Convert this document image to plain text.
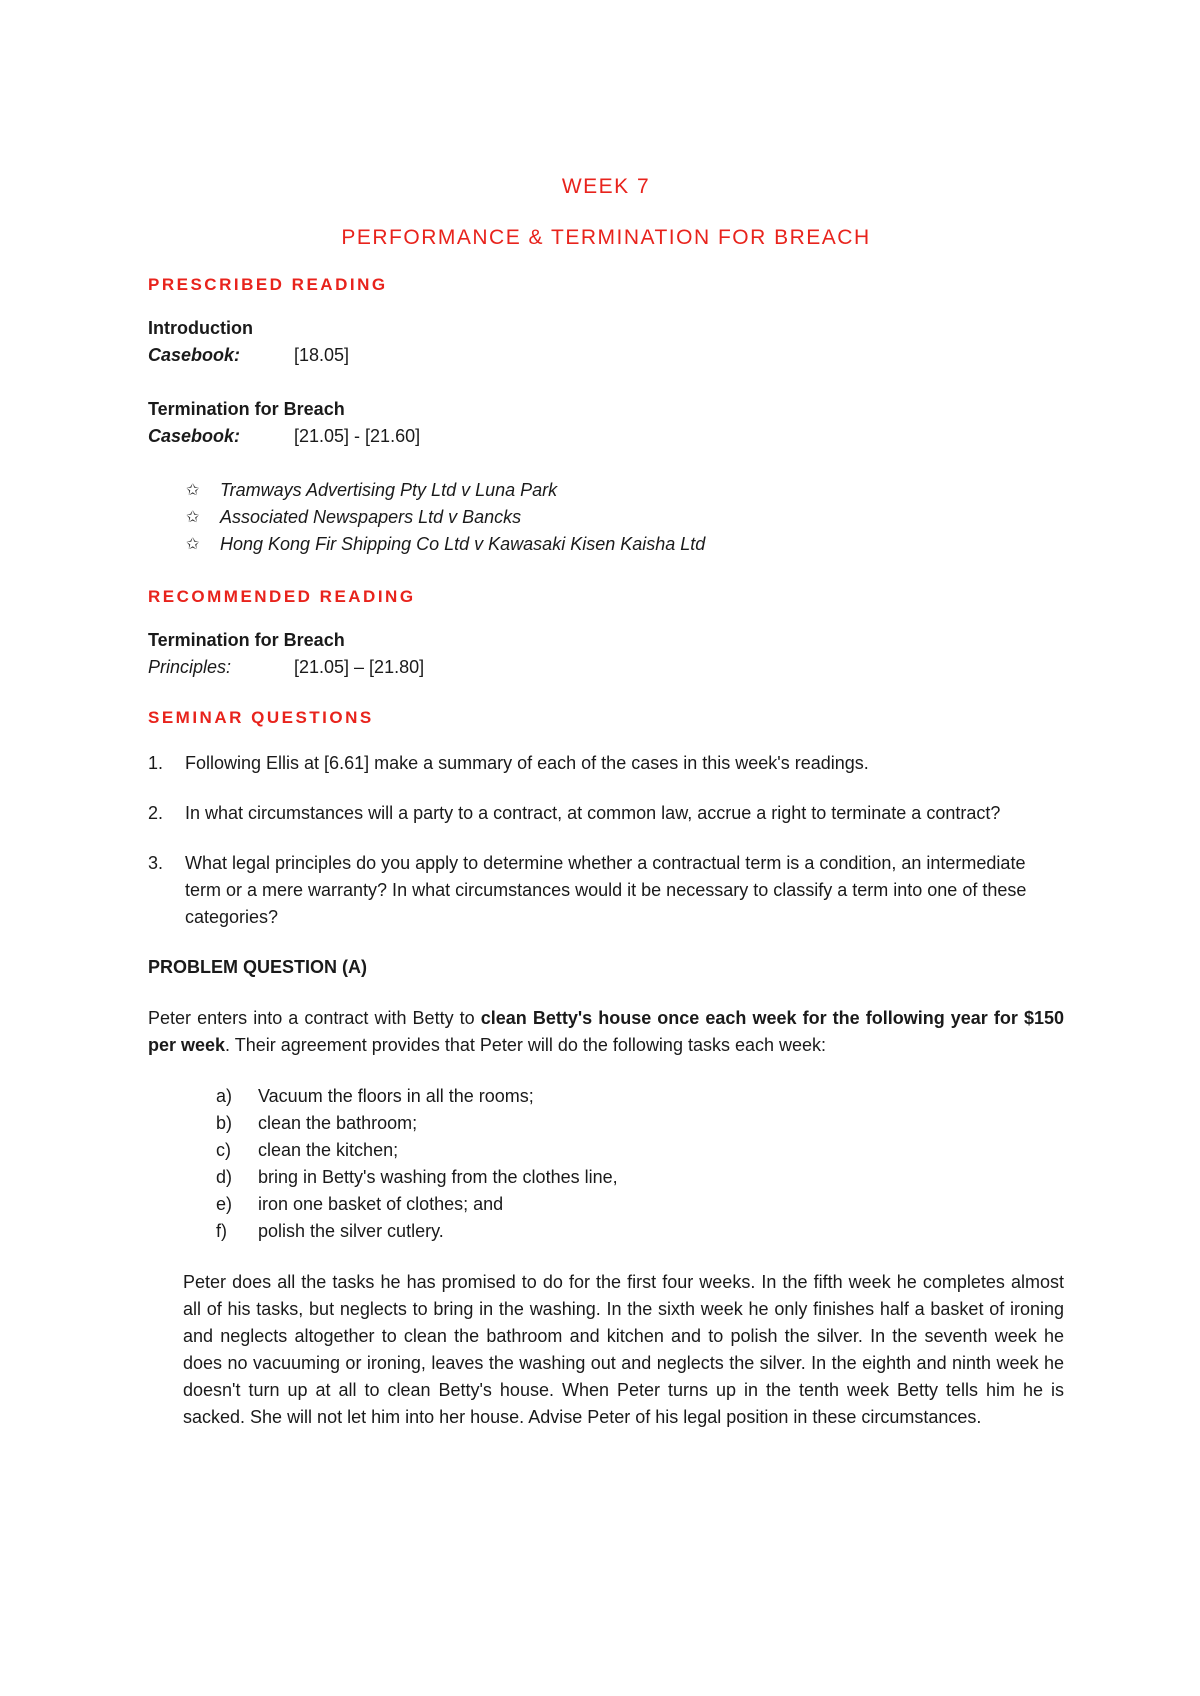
WEEK 7

PERFORMANCE & TERMINATION FOR BREACH

PRESCRIBED READING

Introduction

Casebook:	[18.05]

Termination for Breach

Casebook:	[21.05] - [21.60]
✩	Tramways Advertising Pty Ltd v Luna Park
✩	Associated Newspapers Ltd v Bancks
✩	Hong Kong Fir Shipping Co Ltd v Kawasaki Kisen Kaisha Ltd

RECOMMENDED READING

Termination for Breach

Principles:	[21.05] – [21.80]

SEMINAR QUESTIONS

1.	Following Ellis at [6.61] make a summary of each of the cases in this week's readings.
2.	In what circumstances will a party to a contract, at common law, accrue a right to terminate a contract?
3.	What legal principles do you apply to determine whether a contractual term is a condition, an intermediate term or a mere warranty? In what circumstances would it be necessary to classify a term into one of these categories?

PROBLEM QUESTION (A)

Peter enters into a contract with Betty to clean Betty's house once each week for the following year for $150 per week. Their agreement provides that Peter will do the following tasks each week:

a)	Vacuum the floors in all the rooms;
b)	clean the bathroom;
c)	clean the kitchen;
d)	bring in Betty's washing from the clothes line,
e)	iron one basket of clothes; and
f)	polish the silver cutlery.

Peter does all the tasks he has promised to do for the first four weeks. In the fifth week he completes almost all of his tasks, but neglects to bring in the washing. In the sixth week he only finishes half a basket of ironing and neglects altogether to clean the bathroom and kitchen and to polish the silver. In the seventh week he does no vacuuming or ironing, leaves the washing out and neglects the silver. In the eighth and ninth week he doesn't turn up at all to clean Betty's house. When Peter turns up in the tenth week Betty tells him he is sacked. She will not let him into her house. Advise Peter of his legal position in these circumstances.
